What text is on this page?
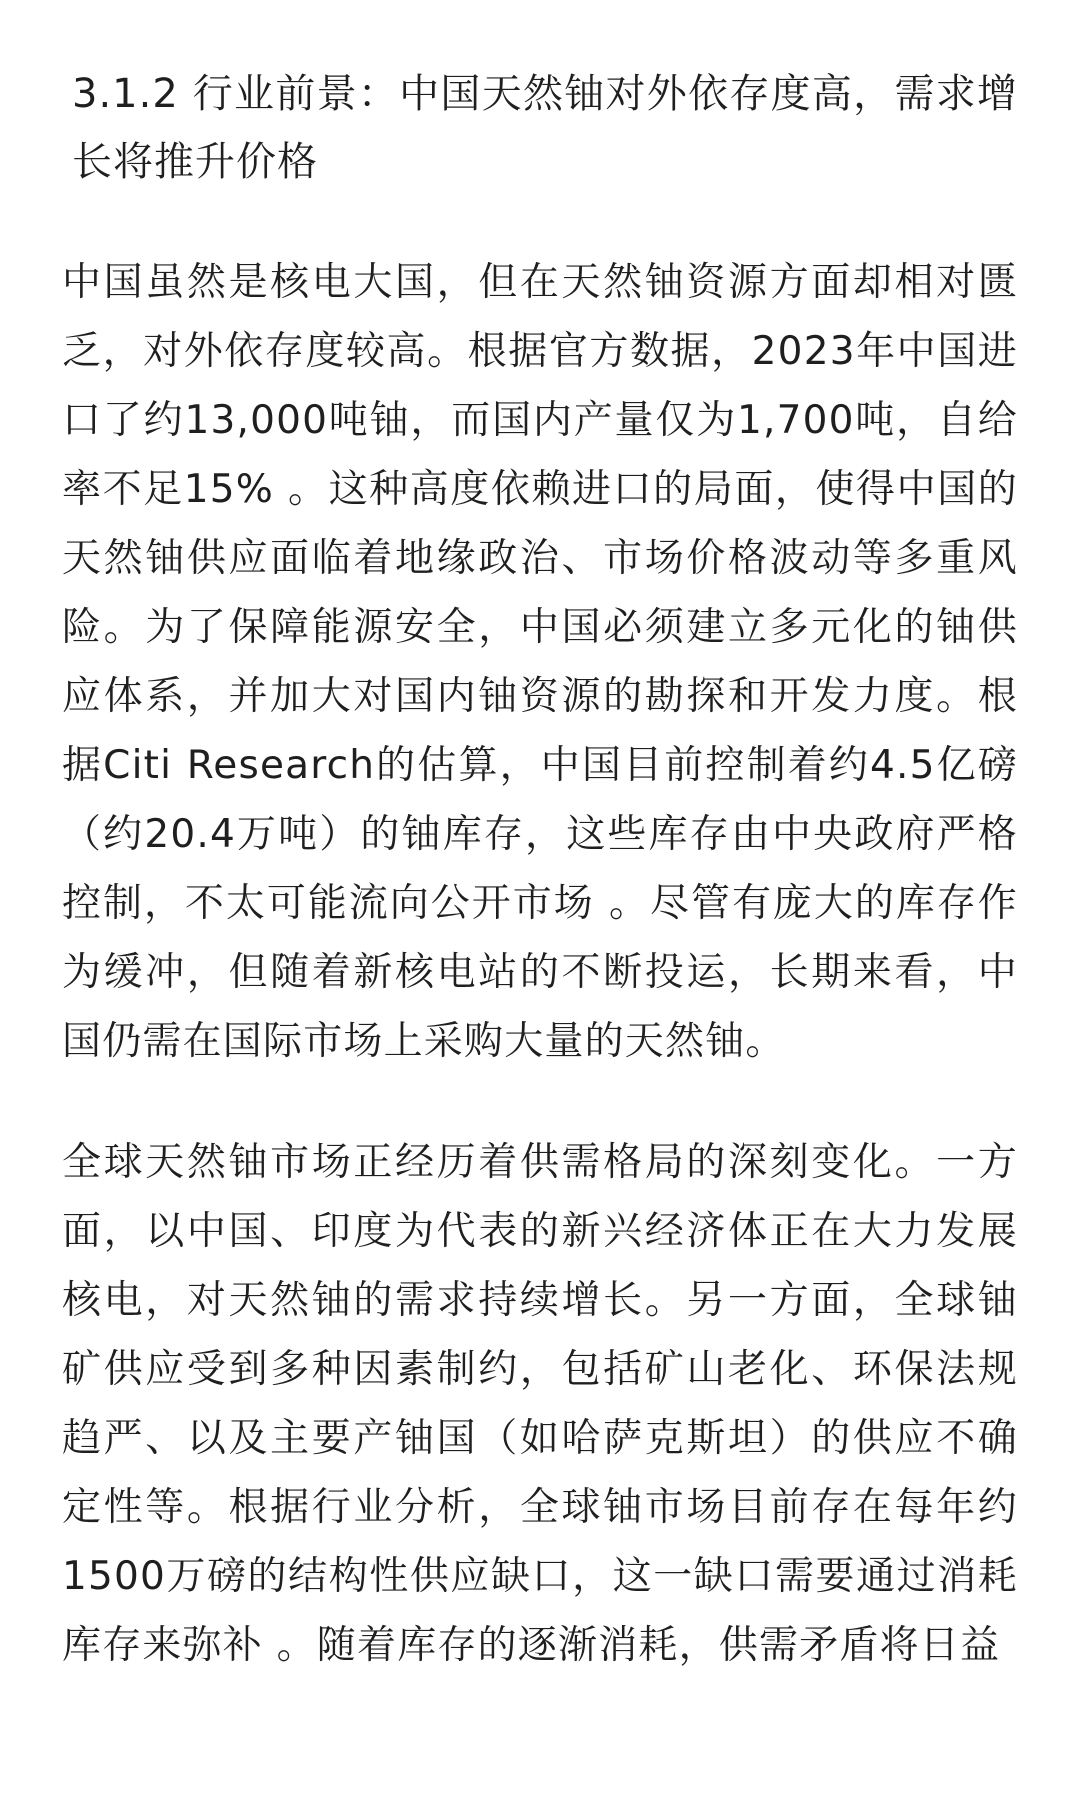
3.1.2 行业前景：中国天然铀对外依存度高，需求增长将推升价格

中国虽然是核电大国，但在天然铀资源方面却相对匮乏，对外依存度较高。根据官方数据，2023年中国进口了约13,000吨铀，而国内产量仅为1,700吨，自给率不足15% 。这种高度依赖进口的局面，使得中国的天然铀供应面临着地缘政治、市场价格波动等多重风险。为了保障能源安全，中国必须建立多元化的铀供应体系，并加大对国内铀资源的勘探和开发力度。根据Citi Research的估算，中国目前控制着约4.5亿磅（约20.4万吨）的铀库存，这些库存由中央政府严格控制，不太可能流向公开市场 。尽管有庞大的库存作为缓冲，但随着新核电站的不断投运，长期来看，中国仍需在国际市场上采购大量的天然铀。

全球天然铀市场正经历着供需格局的深刻变化。一方面，以中国、印度为代表的新兴经济体正在大力发展核电，对天然铀的需求持续增长。另一方面，全球铀矿供应受到多种因素制约，包括矿山老化、环保法规趋严、以及主要产铀国（如哈萨克斯坦）的供应不确定性等。根据行业分析，全球铀市场目前存在每年约1500万磅的结构性供应缺口，这一缺口需要通过消耗库存来弥补 。随着库存的逐渐消耗，供需矛盾将日益
